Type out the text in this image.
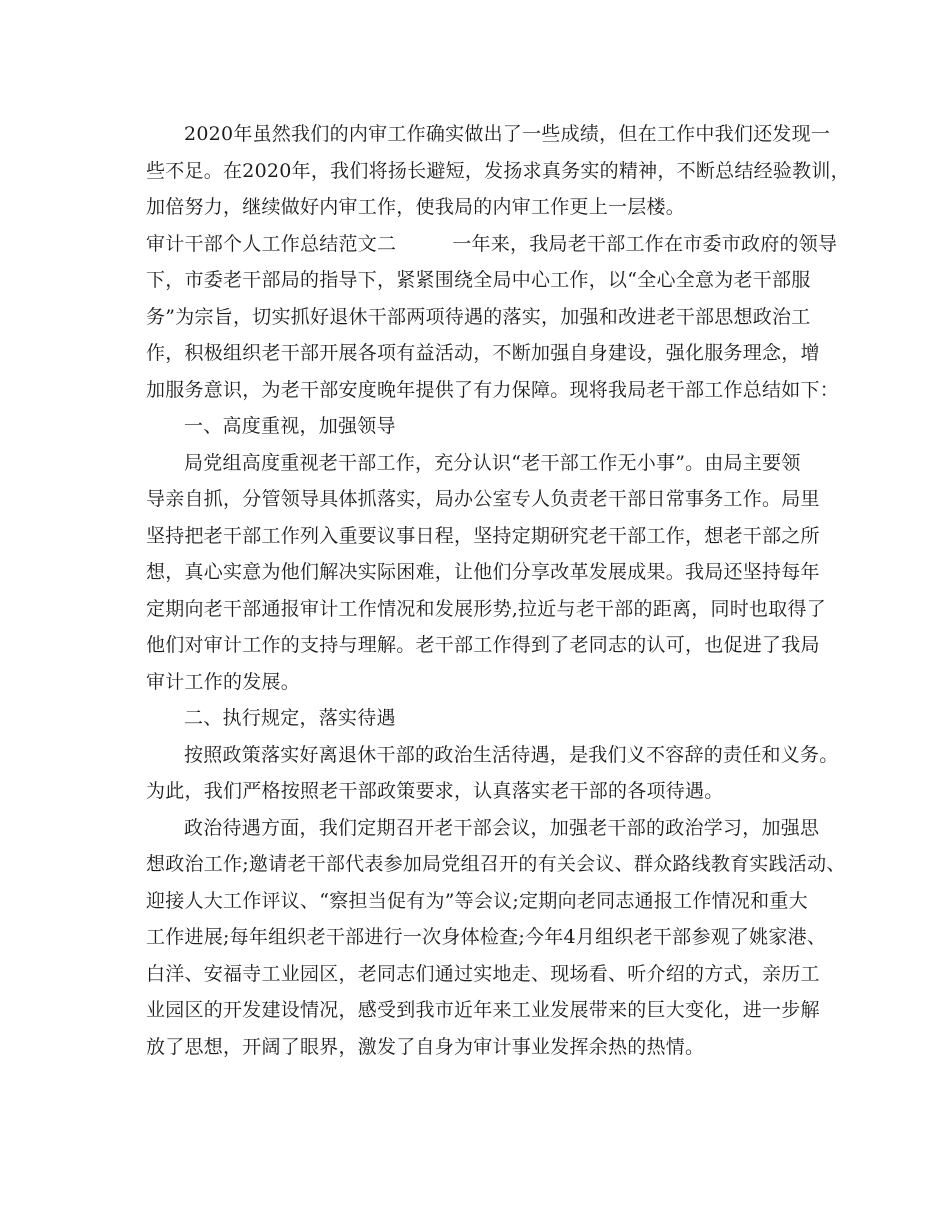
2020年虽然我们的内审工作确实做出了一些成绩，但在工作中我们还发现一
些不足。在2020年，我们将扬长避短，发扬求真务实的精神，不断总结经验教训，
加倍努力，继续做好内审工作，使我局的内审工作更上一层楼。
审计干部个人工作总结范文二	一年来，我局老干部工作在市委市政府的领导
下，市委老干部局的指导下，紧紧围绕全局中心工作，以“全心全意为老干部服
务”为宗旨，切实抓好退休干部两项待遇的落实，加强和改进老干部思想政治工
作，积极组织老干部开展各项有益活动，不断加强自身建设，强化服务理念，增
加服务意识，为老干部安度晚年提供了有力保障。现将我局老干部工作总结如下：
一、高度重视，加强领导
局党组高度重视老干部工作，充分认识“老干部工作无小事”。由局主要领
导亲自抓，分管领导具体抓落实，局办公室专人负责老干部日常事务工作。局里
坚持把老干部工作列入重要议事日程，坚持定期研究老干部工作，想老干部之所
想，真心实意为他们解决实际困难，让他们分享改革发展成果。我局还坚持每年
定期向老干部通报审计工作情况和发展形势,拉近与老干部的距离，同时也取得了
他们对审计工作的支持与理解。老干部工作得到了老同志的认可，也促进了我局
审计工作的发展。
二、执行规定，落实待遇
按照政策落实好离退休干部的政治生活待遇，是我们义不容辞的责任和义务。
为此，我们严格按照老干部政策要求，认真落实老干部的各项待遇。
政治待遇方面，我们定期召开老干部会议，加强老干部的政治学习，加强思
想政治工作;邀请老干部代表参加局党组召开的有关会议、群众路线教育实践活动、
迎接人大工作评议、“察担当促有为”等会议;定期向老同志通报工作情况和重大
工作进展;每年组织老干部进行一次身体检查;今年4月组织老干部参观了姚家港、
白洋、安福寺工业园区，老同志们通过实地走、现场看、听介绍的方式，亲历工
业园区的开发建设情况，感受到我市近年来工业发展带来的巨大变化，进一步解
放了思想，开阔了眼界，激发了自身为审计事业发挥余热的热情。
